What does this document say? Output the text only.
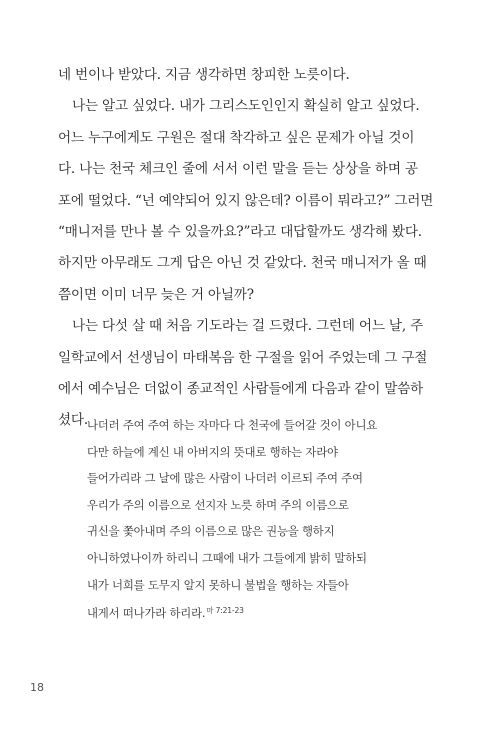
네 번이나 받았다. 지금 생각하면 창피한 노릇이다.
나는 알고 싶었다. 내가 그리스도인인지 확실히 알고 싶었다.
어느 누구에게도 구원은 절대 착각하고 싶은 문제가 아닐 것이
다. 나는 천국 체크인 줄에 서서 이런 말을 듣는 상상을 하며 공
포에 떨었다. “넌 예약되어 있지 않은데? 이름이 뭐라고?” 그러면
“매니저를 만나 볼 수 있을까요?”라고 대답할까도 생각해 봤다.
하지만 아무래도 그게 답은 아닌 것 같았다. 천국 매니저가 올 때
쯤이면 이미 너무 늦은 거 아닐까?
나는 다섯 살 때 처음 기도라는 걸 드렸다. 그런데 어느 날, 주
일학교에서 선생님이 마태복음 한 구절을 읽어 주었는데 그 구절
에서 예수님은 더없이 종교적인 사람들에게 다음과 같이 말씀하
셨다. 나더러 주여 주여 하는 자마다 다 천국에 들어갈 것이 아니요
다만 하늘에 계신 내 아버지의 뜻대로 행하는 자라야
들어가리라 그 날에 많은 사람이 나더러 이르되 주여 주여
우리가 주의 이름으로 선지자 노릇 하며 주의 이름으로
귀신을 쫓아내며 주의 이름으로 많은 권능을 행하지
아니하였나이까 하리니 그때에 내가 그들에게 밝히 말하되
내가 너희를 도무지 알지 못하니 불법을 행하는 자들아
내게서 떠나가라 하리라.$^{마 7:21-23}$
18
